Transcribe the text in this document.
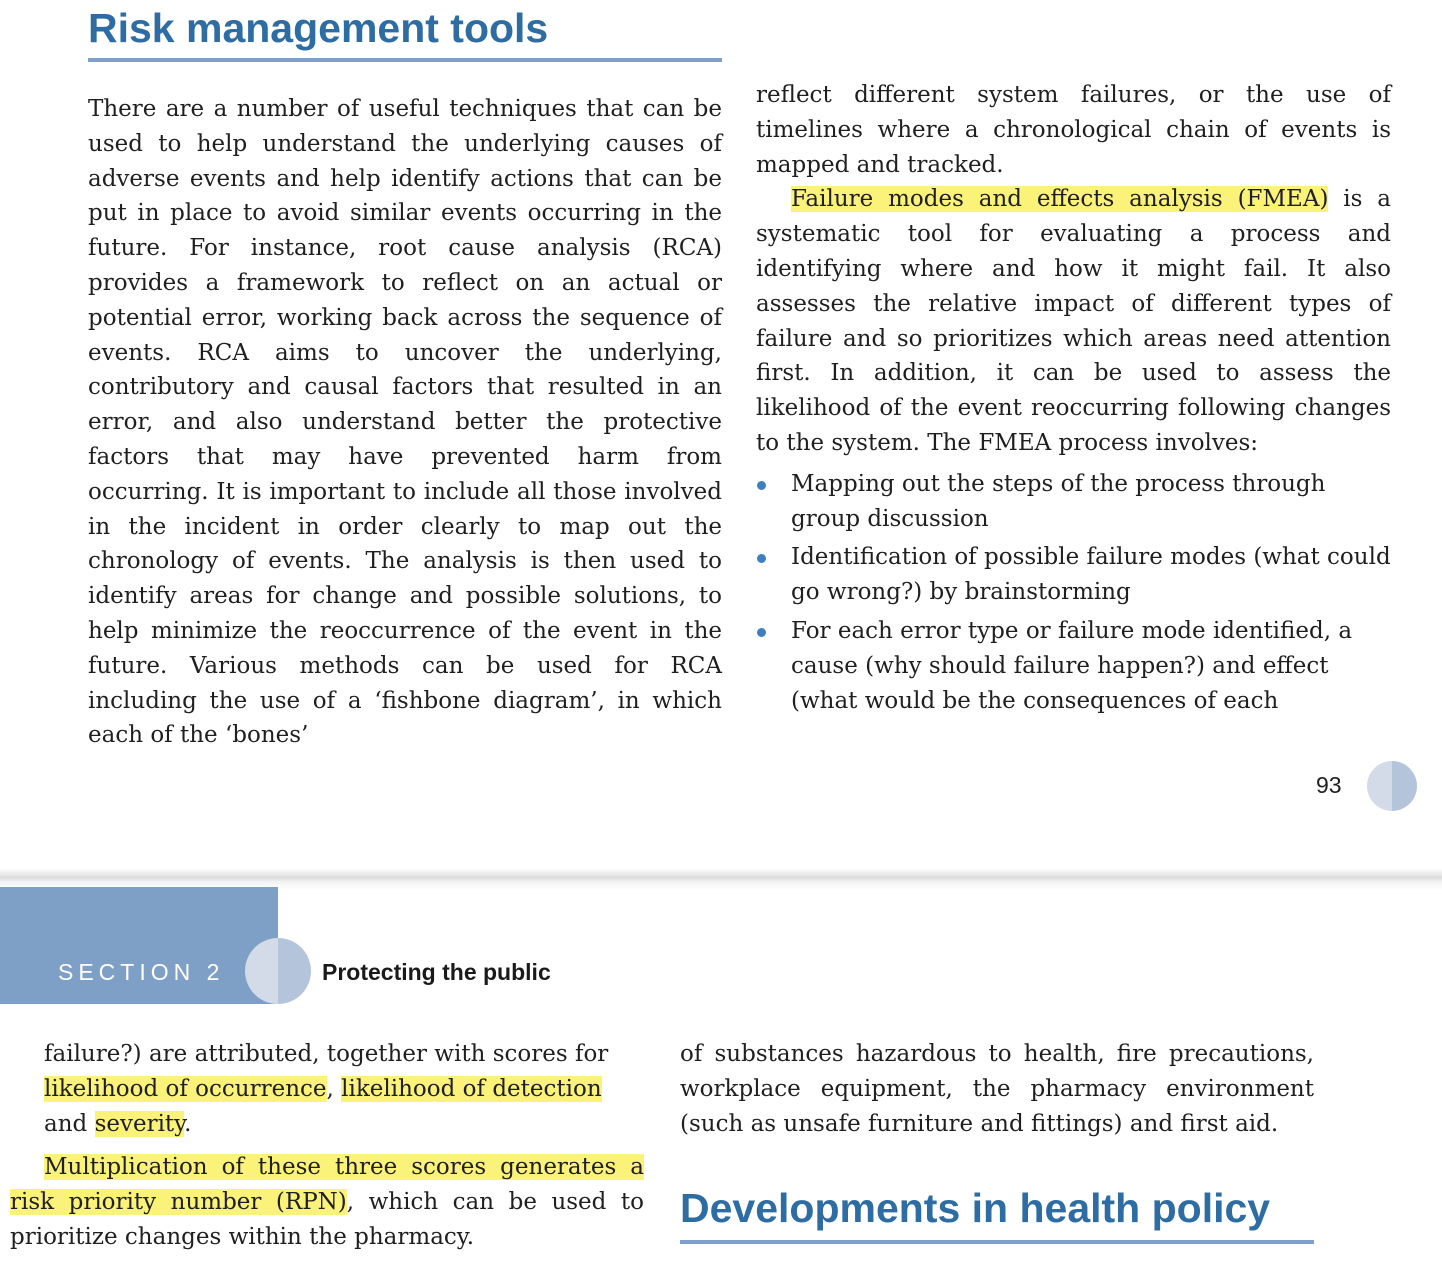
Risk management tools

There are a number of useful techniques that can be used to help understand the underlying causes of adverse events and help identify actions that can be put in place to avoid similar events occurring in the future. For instance, root cause analysis (RCA) provides a framework to reflect on an actual or potential error, working back across the sequence of events. RCA aims to uncover the underlying, contributory and causal factors that resulted in an error, and also understand better the protective factors that may have prevented harm from occurring. It is important to include all those involved in the incident in order clearly to map out the chronology of events. The analysis is then used to identify areas for change and possible solutions, to help minimize the reoccurrence of the event in the future. Various methods can be used for RCA including the use of a ‘fishbone diagram’, in which each of the ‘bones’

reflect different system failures, or the use of timelines where a chronological chain of events is mapped and tracked.

Failure modes and effects analysis (FMEA) is a systematic tool for evaluating a process and identifying where and how it might fail. It also assesses the relative impact of different types of failure and so prioritizes which areas need attention first. In addition, it can be used to assess the likelihood of the event reoccurring following changes to the system. The FMEA process involves:

Mapping out the steps of the process through group discussion
Identification of possible failure modes (what could go wrong?) by brainstorming
For each error type or failure mode identified, a cause (why should failure happen?) and effect (what would be the consequences of each
93
SECTION 2	Protecting the public

failure?) are attributed, together with scores for
likelihood of occurrence, likelihood of detection
and severity.

Multiplication of these three scores generates a risk priority number (RPN), which can be used to prioritize changes within the pharmacy.

of substances hazardous to health, fire precautions, workplace equipment, the pharmacy environment (such as unsafe furniture and fittings) and first aid.

Developments in health policy
